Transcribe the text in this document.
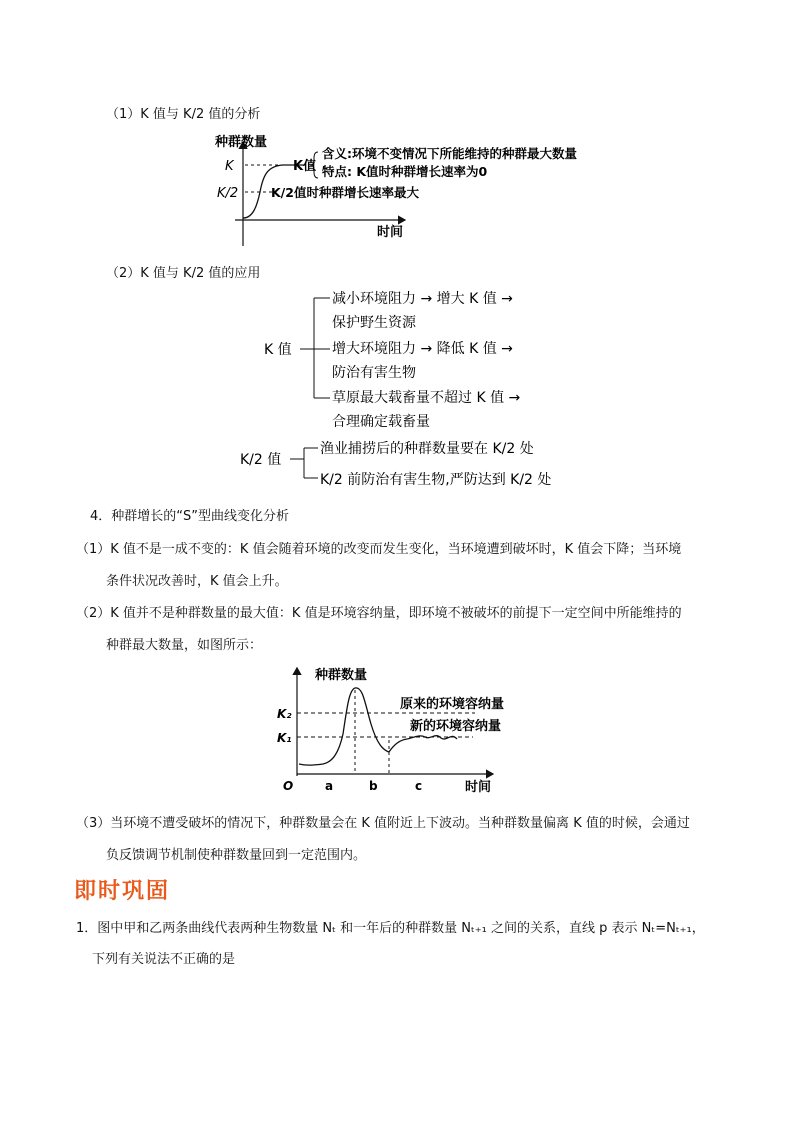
（1）K 值与 K/2 值的分析
种群数量
K
K/2
K值
含义:环境不变情况下所能维持的种群最大数量
特点: K值时种群增长速率为0
K/2值时种群增长速率最大
时间
（2）K 值与 K/2 值的应用
K 值
减小环境阻力 → 增大 K 值 →
保护野生资源
增大环境阻力 → 降低 K 值 →
防治有害生物
草原最大载畜量不超过 K 值 →
合理确定载畜量
K/2 值
渔业捕捞后的种群数量要在 K/2 处
K/2 前防治有害生物,严防达到 K/2 处
4．种群增长的“S”型曲线变化分析
（1）K 值不是一成不变的：K 值会随着环境的改变而发生变化，当环境遭到破坏时，K 值会下降；当环境
条件状况改善时，K 值会上升。
（2）K 值并不是种群数量的最大值：K 值是环境容纳量，即环境不被破坏的前提下一定空间中所能维持的
种群最大数量，如图所示：
种群数量
K₂
K₁
O
原来的环境容纳量
新的环境容纳量
a	b	c	时间
（3）当环境不遭受破坏的情况下，种群数量会在 K 值附近上下波动。当种群数量偏离 K 值的时候，会通过
负反馈调节机制使种群数量回到一定范围内。
即时巩固
1．图中甲和乙两条曲线代表两种生物数量 Nₜ 和一年后的种群数量 Nₜ₊₁ 之间的关系，直线 p 表示 Nₜ=Nₜ₊₁，
下列有关说法不正确的是
